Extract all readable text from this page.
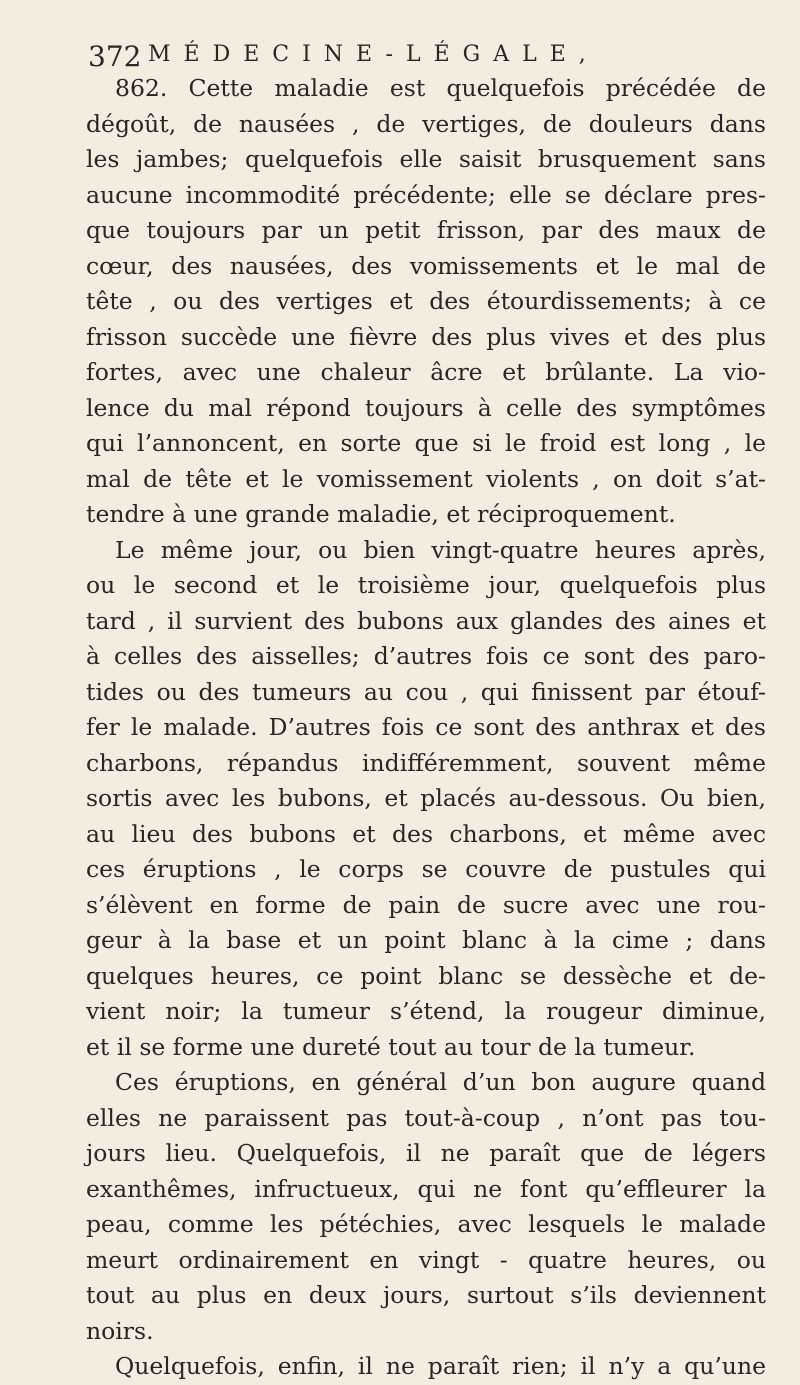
372 MÉDECINE-LÉGALE,
862. Cette maladie est quelquefois précédée de
dégoût, de nausées , de vertiges, de douleurs dans
les jambes; quelquefois elle saisit brusquement sans
aucune incommodité précédente; elle se déclare pres-
que toujours par un petit frisson, par des maux de
cœur, des nausées, des vomissements et le mal de
tête , ou des vertiges et des étourdissements; à ce
frisson succède une fièvre des plus vives et des plus
fortes, avec une chaleur âcre et brûlante. La vio-
lence du mal répond toujours à celle des symptômes
qui l’annoncent, en sorte que si le froid est long , le
mal de tête et le vomissement violents , on doit s’at-
tendre à une grande maladie, et réciproquement.
Le même jour, ou bien vingt-quatre heures après,
ou le second et le troisième jour, quelquefois plus
tard , il survient des bubons aux glandes des aines et
à celles des aisselles; d’autres fois ce sont des paro-
tides ou des tumeurs au cou , qui finissent par étouf-
fer le malade. D’autres fois ce sont des anthrax et des
charbons, répandus indifféremment, souvent même
sortis avec les bubons, et placés au-dessous. Ou bien,
au lieu des bubons et des charbons, et même avec
ces éruptions , le corps se couvre de pustules qui
s’élèvent en forme de pain de sucre avec une rou-
geur à la base et un point blanc à la cime ; dans
quelques heures, ce point blanc se dessèche et de-
vient noir; la tumeur s’étend, la rougeur diminue,
et il se forme une dureté tout au tour de la tumeur.
Ces éruptions, en général d’un bon augure quand
elles ne paraissent pas tout-à-coup , n’ont pas tou-
jours lieu. Quelquefois, il ne paraît que de légers
exanthêmes, infructueux, qui ne font qu’effleurer la
peau, comme les pétéchies, avec lesquels le malade
meurt ordinairement en vingt - quatre heures, ou
tout au plus en deux jours, surtout s’ils deviennent
noirs.
Quelquefois, enfin, il ne paraît rien; il n’y a qu’une
